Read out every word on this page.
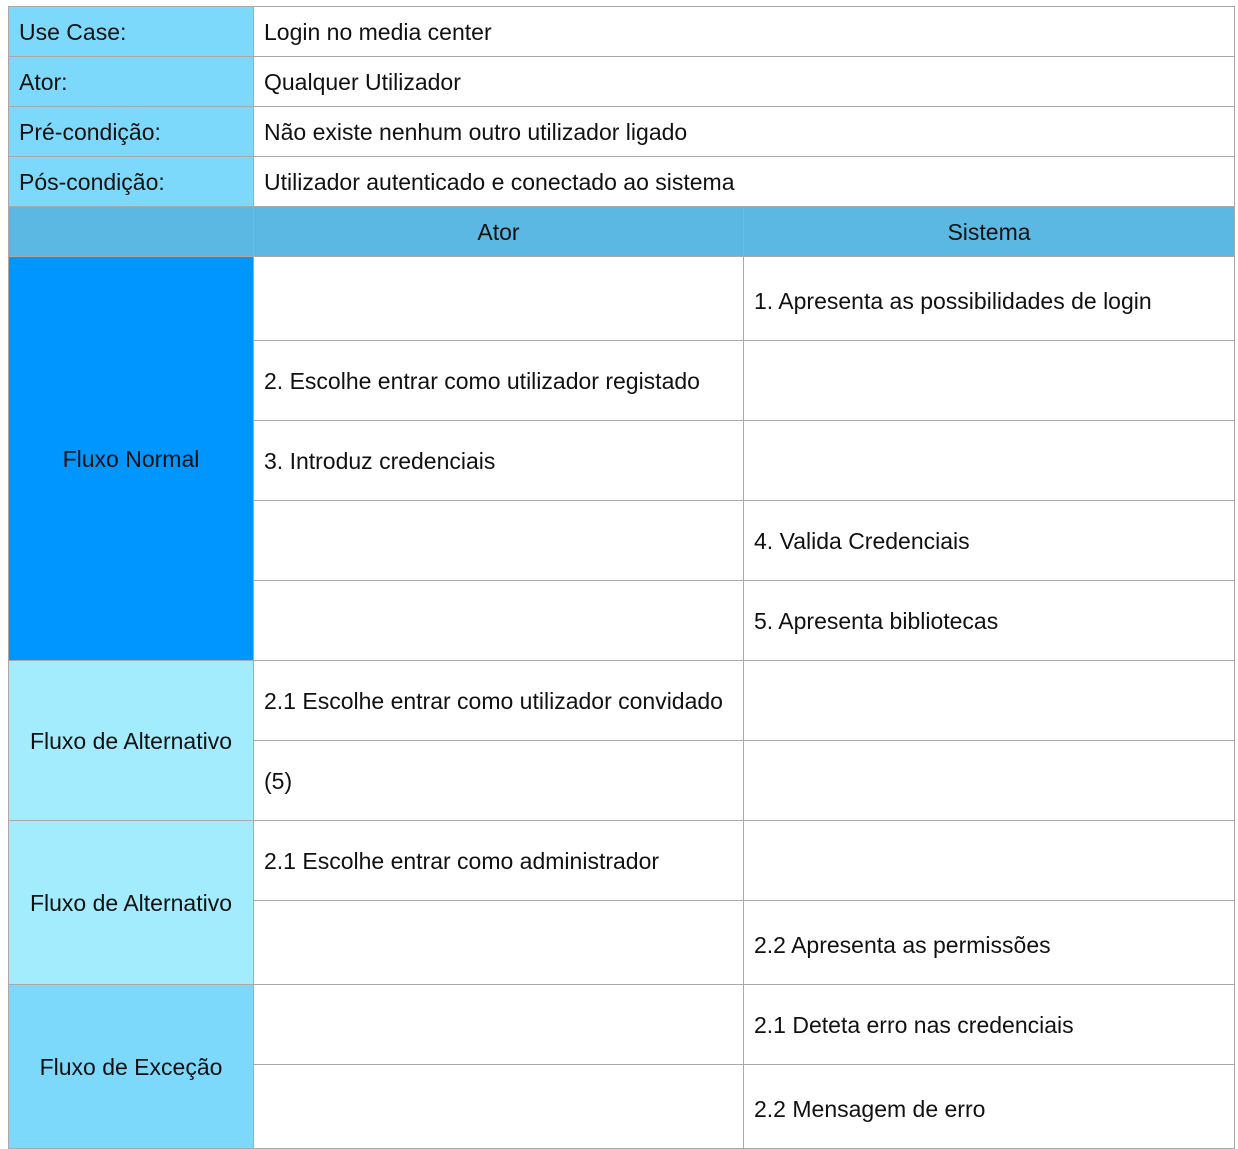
Use Case:	Login no media center	
Ator:	Qualquer Utilizador	
Pré-condição:	Não existe nenhum outro utilizador ligado	
Pós-condição:	Utilizador autenticado e conectado ao sistema	
	Ator	Sistema
Fluxo Normal		1. Apresenta as possibilidades de login
	2. Escolhe entrar como utilizador registado	
	3. Introduz credenciais	
		4. Valida Credenciais
		5. Apresenta bibliotecas
Fluxo de Alternativo	2.1 Escolhe entrar como utilizador convidado	
	(5)	
Fluxo de Alternativo	2.1 Escolhe entrar como administrador	
		2.2 Apresenta as permissões
Fluxo de Exceção		2.1 Deteta erro nas credenciais
		2.2 Mensagem de erro
